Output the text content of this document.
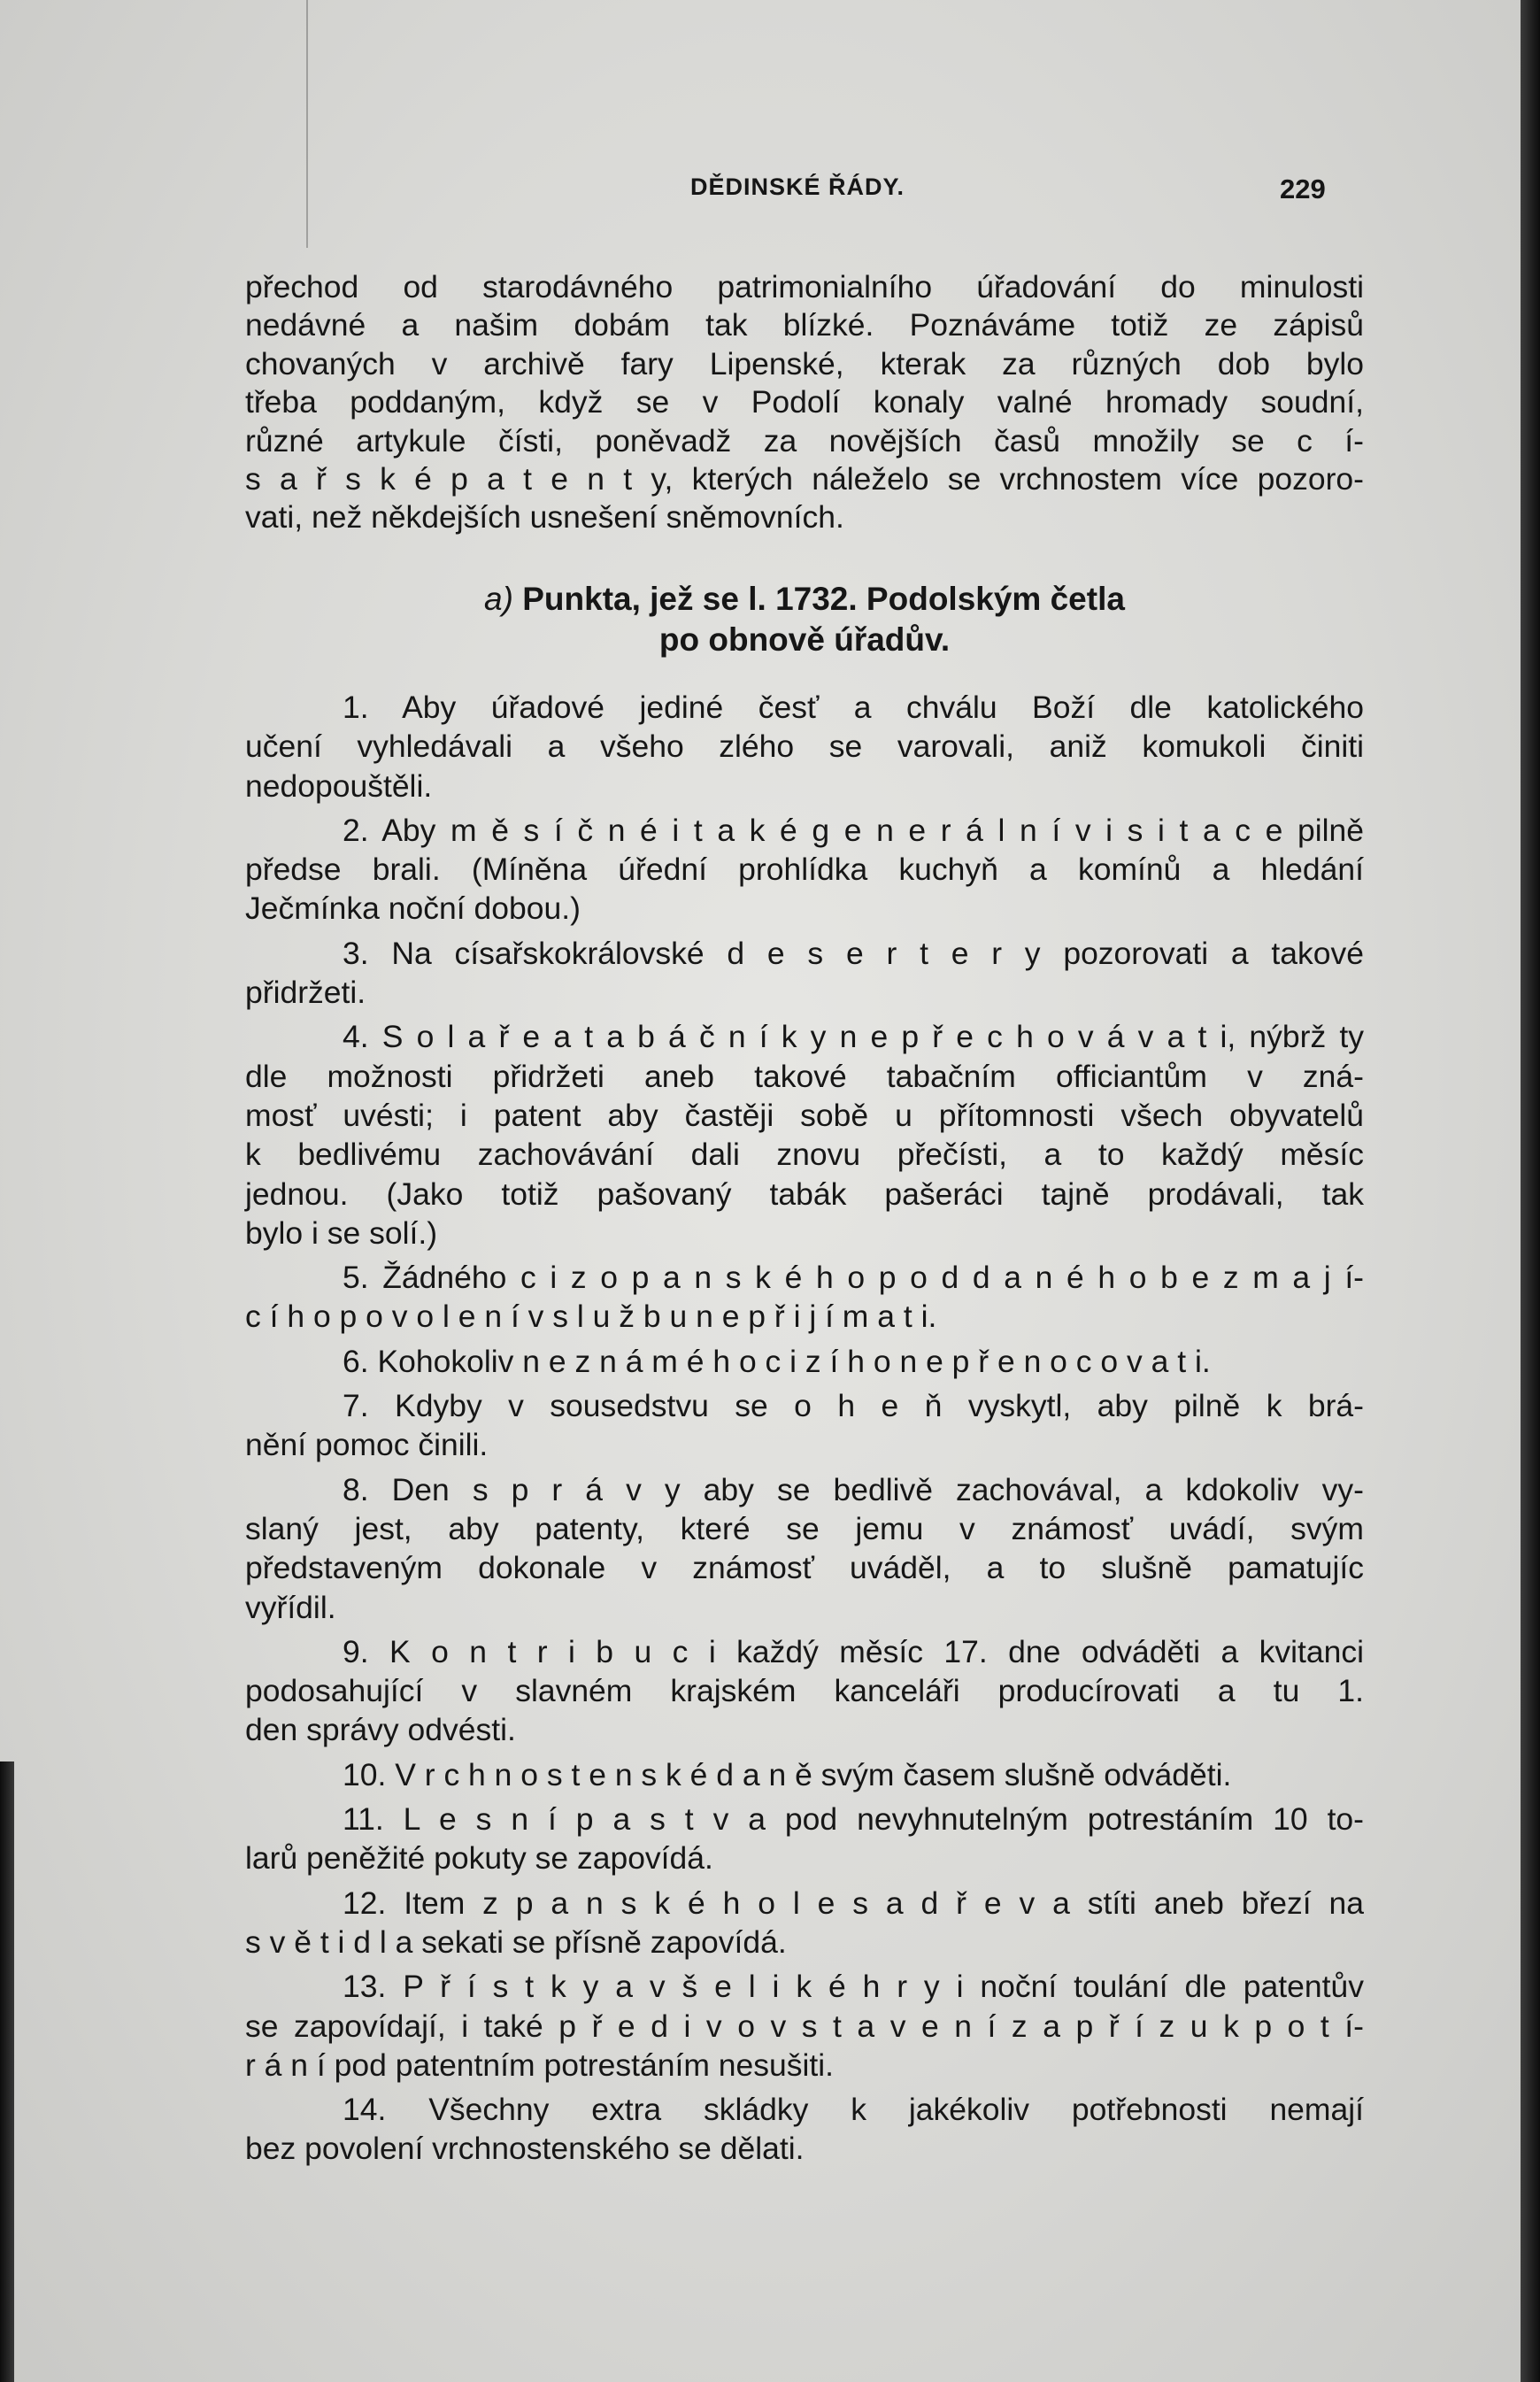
DĚDINSKÉ ŘÁDY.	229
přechod od starodávného patrimonialního úřadování do minulosti
nedávné a našim dobám tak blízké. Poznáváme totiž ze zápisů
chovaných v archivě fary Lipenské, kterak za různých dob bylo
třeba poddaným, když se v Podolí konaly valné hromady soudní,
různé artykule čísti, poněvadž za novějších časů množily se c í-
s a ř s k é p a t e n t y, kterých náleželo se vrchnostem více pozoro-
vati, než někdejších usnešení sněmovních.
a) Punkta, jež se l. 1732. Podolským četla
po obnově úřadův.
1. Aby úřadové jediné česť a chválu Boží dle katolického
učení vyhledávali a všeho zlého se varovali, aniž komukoli činiti
nedopouštěli.
2. Aby m ě s í č n é i t a k é g e n e r á l n í v i s i t a c e pilně
předse brali. (Míněna úřední prohlídka kuchyň a komínů a hledání
Ječmínka noční dobou.)
3. Na císařskokrálovské d e s e r t e r y pozorovati a takové
přidržeti.
4. S o l a ř e a t a b á č n í k y n e p ř e c h o v á v a t i, nýbrž ty
dle možnosti přidržeti aneb takové tabačním officiantům v zná-
mosť uvésti; i patent aby častěji sobě u přítomnosti všech obyvatelů
k bedlivému zachovávání dali znovu přečísti, a to každý měsíc
jednou. (Jako totiž pašovaný tabák pašeráci tajně prodávali, tak
bylo i se solí.)
5. Žádného c i z o p a n s k é h o p o d d a n é h o b e z m a j í-
c í h o p o v o l e n í v s l u ž b u n e p ř i j í m a t i.
6. Kohokoliv n e z n á m é h o c i z í h o n e p ř e n o c o v a t i.
7. Kdyby v sousedstvu se o h e ň vyskytl, aby pilně k brá-
nění pomoc činili.
8. Den s p r á v y aby se bedlivě zachovával, a kdokoliv vy-
slaný jest, aby patenty, které se jemu v známosť uvádí, svým
představeným dokonale v známosť uváděl, a to slušně pamatujíc
vyřídil.
9. K o n t r i b u c i každý měsíc 17. dne odváděti a kvitanci
podosahující v slavném krajském kanceláři producírovati a tu 1.
den správy odvésti.
10. V r c h n o s t e n s k é d a n ě svým časem slušně odváděti.
11. L e s n í p a s t v a pod nevyhnutelným potrestáním 10 to-
larů peněžité pokuty se zapovídá.
12. Item z p a n s k é h o l e s a d ř e v a stíti aneb březí na
s v ě t i d l a sekati se přísně zapovídá.
13. P ř í s t k y a v š e l i k é h r y i noční toulání dle patentův
se zapovídají, i také p ř e d i v o v s t a v e n í z a p ř í z u k p o t í-
r á n í pod patentním potrestáním nesušiti.
14. Všechny extra skládky k jakékoliv potřebnosti nemají
bez povolení vrchnostenského se dělati.
